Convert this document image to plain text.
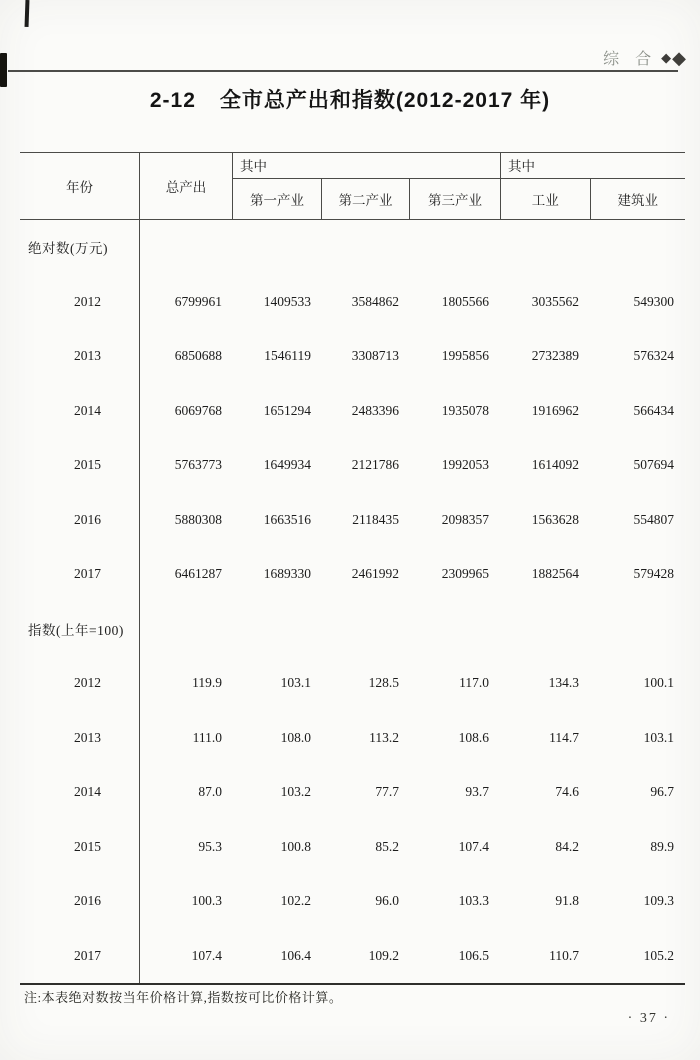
综 合 ◆ ◆
2-12 全市总产出和指数(2012-2017 年)
年份	总产出
其中
第一产业	第二产业	第三产业
其中
工业	建筑业
绝对数(万元)
2012	6799961	1409533	3584862	1805566	3035562	549300
2013	6850688	1546119	3308713	1995856	2732389	576324
2014	6069768	1651294	2483396	1935078	1916962	566434
2015	5763773	1649934	2121786	1992053	1614092	507694
2016	5880308	1663516	2118435	2098357	1563628	554807
2017	6461287	1689330	2461992	2309965	1882564	579428
指数(上年=100)
2012	119.9	103.1	128.5	117.0	134.3	100.1
2013	111.0	108.0	113.2	108.6	114.7	103.1
2014	87.0	103.2	77.7	93.7	74.6	96.7
2015	95.3	100.8	85.2	107.4	84.2	89.9
2016	100.3	102.2	96.0	103.3	91.8	109.3
2017	107.4	106.4	109.2	106.5	110.7	105.2
注:本表绝对数按当年价格计算,指数按可比价格计算。
· 37 ·
